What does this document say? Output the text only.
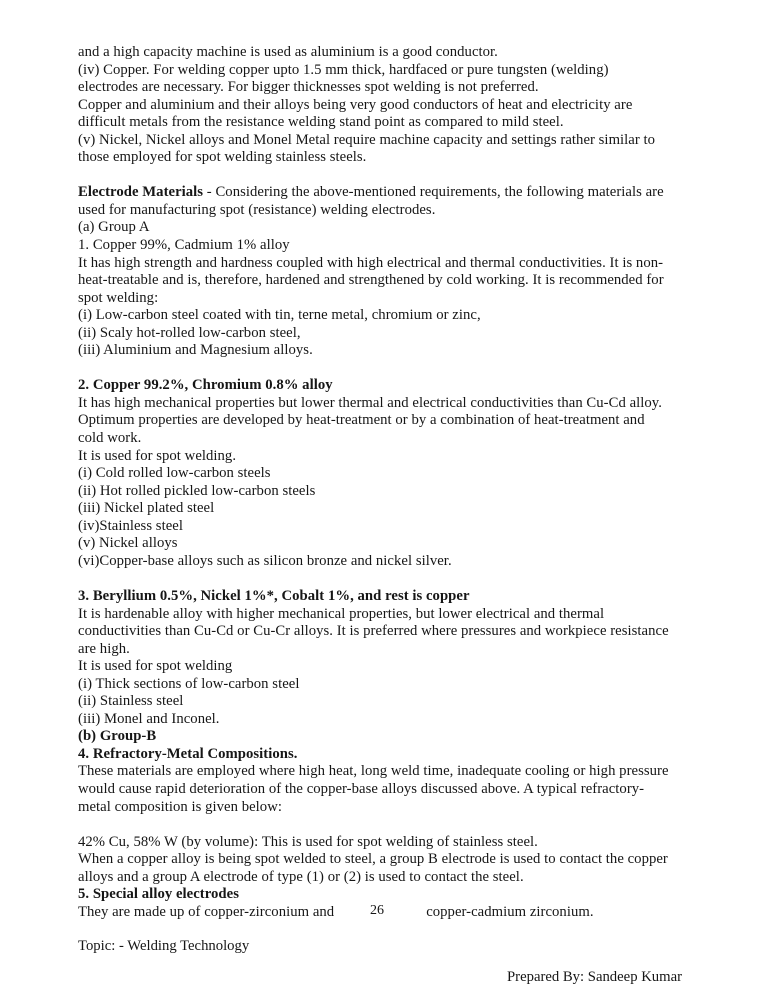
and a high capacity machine is used as aluminium is a good conductor.
(iv) Copper. For welding copper upto 1.5 mm thick, hardfaced or pure tungsten (welding)
electrodes are necessary. For bigger thicknesses spot welding is not preferred.
Copper and aluminium and their alloys being very good conductors of heat and electricity are
difficult metals from the resistance welding stand point as compared to mild steel.
(v) Nickel, Nickel alloys and Monel Metal require machine capacity and settings rather similar to
those employed for spot welding stainless steels.
Electrode Materials - Considering the above-mentioned requirements, the following materials are
used for manufacturing spot (resistance) welding electrodes.
(a) Group A
1. Copper 99%, Cadmium 1% alloy
It has high strength and hardness coupled with high electrical and thermal conductivities. It is non-
heat-treatable and is, therefore, hardened and strengthened by cold working. It is recommended for
spot welding:
(i) Low-carbon steel coated with tin, terne metal, chromium or zinc,
(ii) Scaly hot-rolled low-carbon steel,
(iii) Aluminium and Magnesium alloys.
2. Copper 99.2%, Chromium 0.8% alloy
It has high mechanical properties but lower thermal and electrical conductivities than Cu-Cd alloy.
Optimum properties are developed by heat-treatment or by a combination of heat-treatment and
cold work.
It is used for spot welding.
(i) Cold rolled low-carbon steels
(ii) Hot rolled pickled low-carbon steels
(iii) Nickel plated steel
(iv)Stainless steel
(v) Nickel alloys
(vi)Copper-base alloys such as silicon bronze and nickel silver.
3. Beryllium 0.5%, Nickel 1%*, Cobalt 1%, and rest is copper
It is hardenable alloy with higher mechanical properties, but lower electrical and thermal
conductivities than Cu-Cd or Cu-Cr alloys. It is preferred where pressures and workpiece resistance
are high.
It is used for spot welding
(i) Thick sections of low-carbon steel
(ii) Stainless steel
(iii) Monel and Inconel.
(b) Group-B
4. Refractory-Metal Compositions.
These materials are employed where high heat, long weld time, inadequate cooling or high pressure
would cause rapid deterioration of the copper-base alloys discussed above. A typical refractory-
metal composition is given below:
42% Cu, 58% W (by volume): This is used for spot welding of stainless steel.
When a copper alloy is being spot welded to steel, a group B electrode is used to contact the copper
alloys and a group A electrode of type (1) or (2) is used to contact the steel.
5. Special alloy electrodes
They are made up of copper-zirconium and	copper-cadmium zirconium.
26
Topic: - Welding Technology
Prepared By: Sandeep Kumar
